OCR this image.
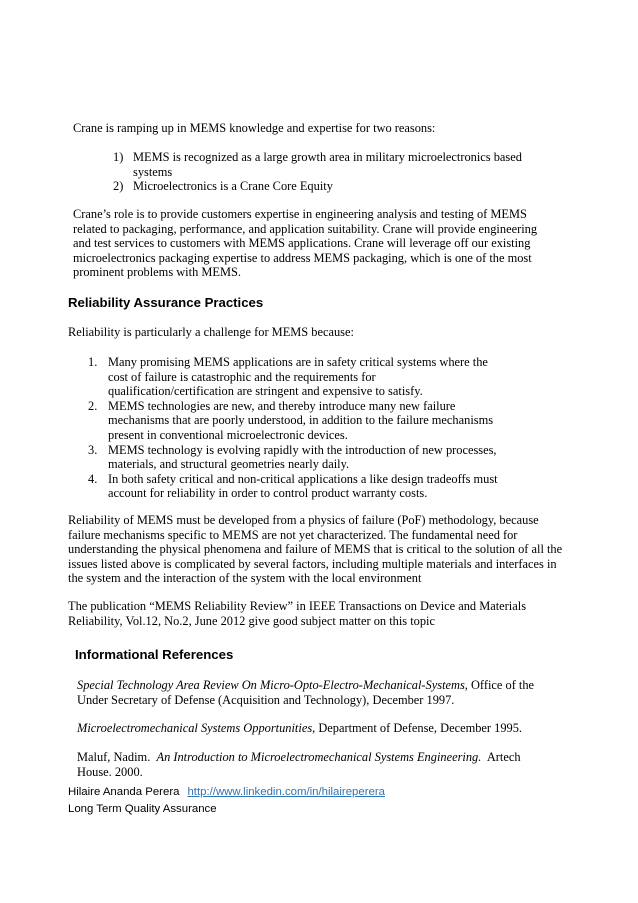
Crane is ramping up in MEMS knowledge and expertise for two reasons:
1) MEMS is recognized as a large growth area in military microelectronics based
systems
2) Microelectronics is a Crane Core Equity
Crane’s role is to provide customers expertise in engineering analysis and testing of MEMS
related to packaging, performance, and application suitability. Crane will provide engineering
and test services to customers with MEMS applications. Crane will leverage off our existing
microelectronics packaging expertise to address MEMS packaging, which is one of the most
prominent problems with MEMS.
Reliability Assurance Practices
Reliability is particularly a challenge for MEMS because:
1. Many promising MEMS applications are in safety critical systems where the
cost of failure is catastrophic and the requirements for
qualification/certification are stringent and expensive to satisfy.
2. MEMS technologies are new, and thereby introduce many new failure
mechanisms that are poorly understood, in addition to the failure mechanisms
present in conventional microelectronic devices.
3. MEMS technology is evolving rapidly with the introduction of new processes,
materials, and structural geometries nearly daily.
4. In both safety critical and non-critical applications a like design tradeoffs must
account for reliability in order to control product warranty costs.
Reliability of MEMS must be developed from a physics of failure (PoF) methodology, because
failure mechanisms specific to MEMS are not yet characterized. The fundamental need for
understanding the physical phenomena and failure of MEMS that is critical to the solution of all the
issues listed above is complicated by several factors, including multiple materials and interfaces in
the system and the interaction of the system with the local environment
The publication “MEMS Reliability Review” in IEEE Transactions on Device and Materials
Reliability, Vol.12, No.2, June 2012 give good subject matter on this topic
Informational References
Special Technology Area Review On Micro-Opto-Electro-Mechanical-Systems, Office of the
Under Secretary of Defense (Acquisition and Technology), December 1997.
Microelectromechanical Systems Opportunities, Department of Defense, December 1995.
Maluf, Nadim.  An Introduction to Microelectromechanical Systems Engineering.  Artech
House. 2000.
Hilaire Ananda Perera http://www.linkedin.com/in/hilaireperera
Long Term Quality Assurance
